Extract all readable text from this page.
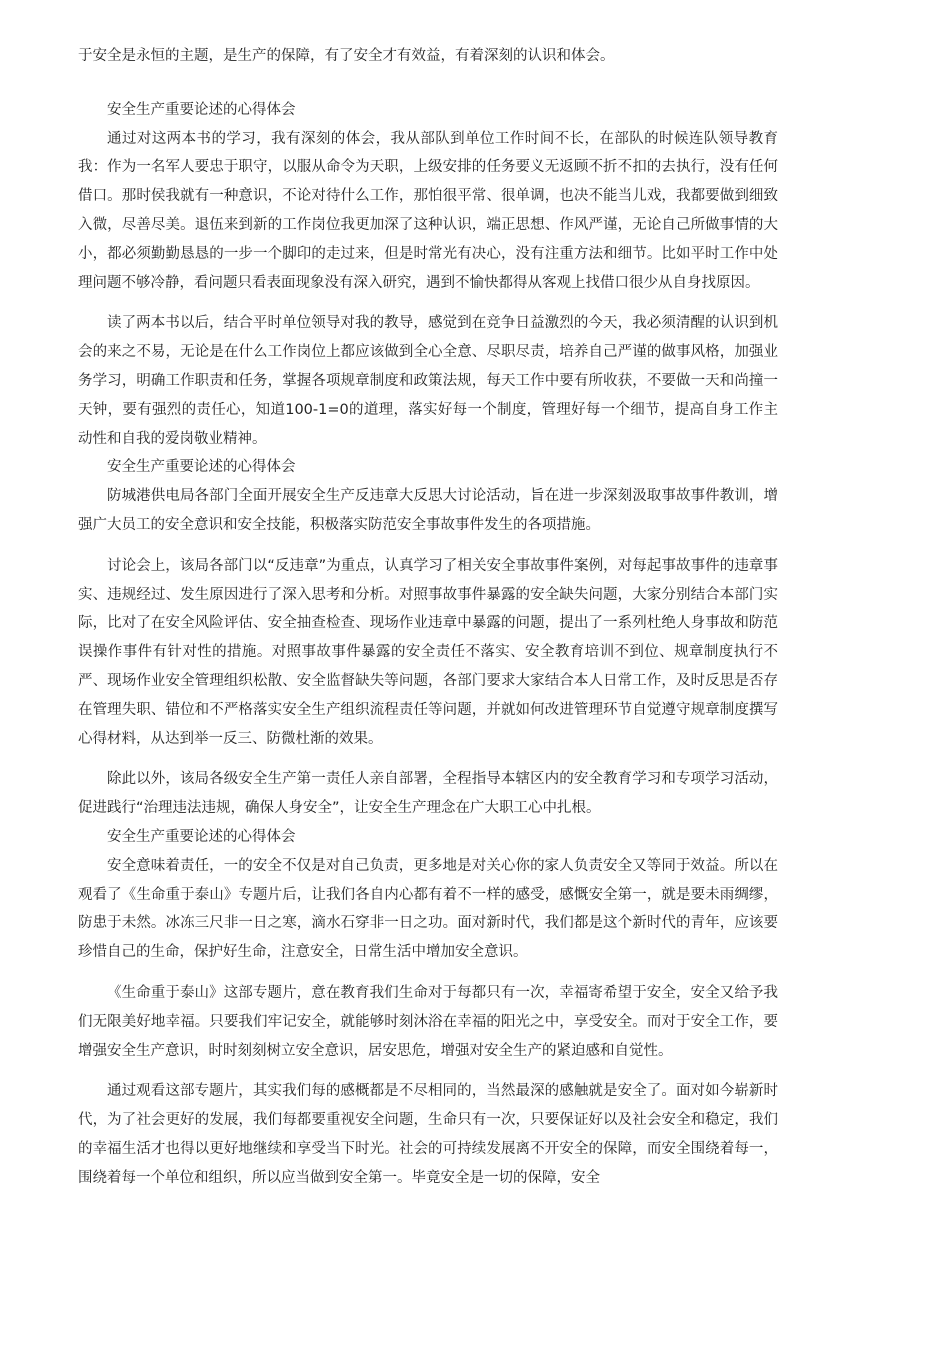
于安全是永恒的主题，是生产的保障，有了安全才有效益，有着深刻的认识和体会。

安全生产重要论述的心得体会

通过对这两本书的学习，我有深刻的体会，我从部队到单位工作时间不长，在部队的时候连队领导教育我：作为一名军人要忠于职守，以服从命令为天职，上级安排的任务要义无返顾不折不扣的去执行，没有任何借口。那时侯我就有一种意识，不论对待什么工作，那怕很平常、很单调，也决不能当儿戏，我都要做到细致入微，尽善尽美。退伍来到新的工作岗位我更加深了这种认识，端正思想、作风严谨，无论自己所做事情的大小，都必须勤勤恳恳的一步一个脚印的走过来，但是时常光有决心，没有注重方法和细节。比如平时工作中处理问题不够冷静，看问题只看表面现象没有深入研究，遇到不愉快都得从客观上找借口很少从自身找原因。

读了两本书以后，结合平时单位领导对我的教导，感觉到在竞争日益激烈的今天，我必须清醒的认识到机会的来之不易，无论是在什么工作岗位上都应该做到全心全意、尽职尽责，培养自己严谨的做事风格，加强业务学习，明确工作职责和任务，掌握各项规章制度和政策法规，每天工作中要有所收获，不要做一天和尚撞一天钟，要有强烈的责任心，知道100-1=0的道理，落实好每一个制度，管理好每一个细节，提高自身工作主动性和自我的爱岗敬业精神。

安全生产重要论述的心得体会

防城港供电局各部门全面开展安全生产反违章大反思大讨论活动，旨在进一步深刻汲取事故事件教训，增强广大员工的安全意识和安全技能，积极落实防范安全事故事件发生的各项措施。

讨论会上，该局各部门以“反违章”为重点，认真学习了相关安全事故事件案例，对每起事故事件的违章事实、违规经过、发生原因进行了深入思考和分析。对照事故事件暴露的安全缺失问题，大家分别结合本部门实际，比对了在安全风险评估、安全抽查检查、现场作业违章中暴露的问题，提出了一系列杜绝人身事故和防范误操作事件有针对性的措施。对照事故事件暴露的安全责任不落实、安全教育培训不到位、规章制度执行不严、现场作业安全管理组织松散、安全监督缺失等问题，各部门要求大家结合本人日常工作，及时反思是否存在管理失职、错位和不严格落实安全生产组织流程责任等问题，并就如何改进管理环节自觉遵守规章制度撰写心得材料，从达到举一反三、防微杜渐的效果。

除此以外，该局各级安全生产第一责任人亲自部署，全程指导本辖区内的安全教育学习和专项学习活动，促进践行“治理违法违规，确保人身安全”，让安全生产理念在广大职工心中扎根。

安全生产重要论述的心得体会

安全意味着责任，一的安全不仅是对自己负责，更多地是对关心你的家人负责安全又等同于效益。所以在观看了《生命重于泰山》专题片后，让我们各自内心都有着不一样的感受，感慨安全第一，就是要未雨绸缪，防患于未然。冰冻三尺非一日之寒，滴水石穿非一日之功。面对新时代，我们都是这个新时代的青年，应该要珍惜自己的生命，保护好生命，注意安全，日常生活中增加安全意识。

《生命重于泰山》这部专题片，意在教育我们生命对于每都只有一次，幸福寄希望于安全，安全又给予我们无限美好地幸福。只要我们牢记安全，就能够时刻沐浴在幸福的阳光之中，享受安全。而对于安全工作，要增强安全生产意识，时时刻刻树立安全意识，居安思危，增强对安全生产的紧迫感和自觉性。

通过观看这部专题片，其实我们每的感概都是不尽相同的，当然最深的感触就是安全了。面对如今崭新时代，为了社会更好的发展，我们每都要重视安全问题，生命只有一次，只要保证好以及社会安全和稳定，我们的幸福生活才也得以更好地继续和享受当下时光。社会的可持续发展离不开安全的保障，而安全围绕着每一，围绕着每一个单位和组织，所以应当做到安全第一。毕竟安全是一切的保障，安全
